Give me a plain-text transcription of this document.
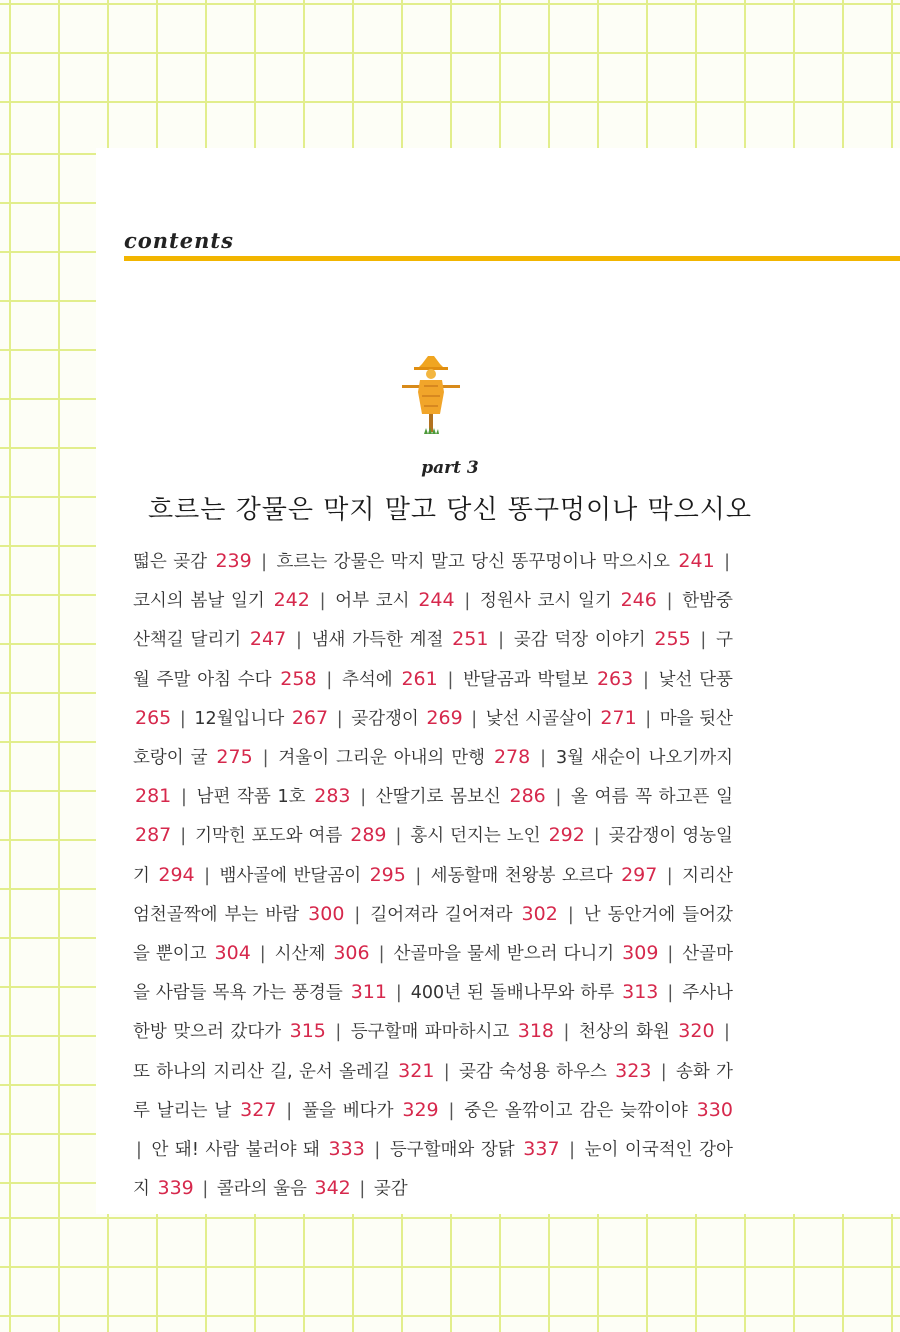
contents
part 3
흐르는 강물은 막지 말고 당신 똥구멍이나 막으시오
떫은 곶감 239 | 흐르는 강물은 막지 말고 당신 똥꾸멍이나 막으시오 241 | 코시의 봄날 일기 242 | 어부 코시 244 | 정원사 코시 일기 246 | 한밤중 산책길 달리기 247 | 냄새 가득한 계절 251 | 곶감 덕장 이야기 255 | 구월 주말 아침 수다 258 | 추석에 261 | 반달곰과 박털보 263 | 낯선 단풍 265 | 12월입니다 267 | 곶감쟁이 269 | 낯선 시골살이 271 | 마을 뒷산 호랑이 굴 275 | 겨울이 그리운 아내의 만행 278 | 3월 새순이 나오기까지 281 | 남편 작품 1호 283 | 산딸기로 몸보신 286 | 올 여름 꼭 하고픈 일 287 | 기막힌 포도와 여름 289 | 홍시 던지는 노인 292 | 곶감쟁이 영농일기 294 | 뱀사골에 반달곰이 295 | 세동할매 천왕봉 오르다 297 | 지리산 엄천골짝에 부는 바람 300 | 길어져라 길어져라 302 | 난 동안거에 들어갔을 뿐이고 304 | 시산제 306 | 산골마을 물세 받으러 다니기 309 | 산골마을 사람들 목욕 가는 풍경들 311 | 400년 된 돌배나무와 하루 313 | 주사나 한방 맞으러 갔다가 315 | 등구할매 파마하시고 318 | 천상의 화원 320 | 또 하나의 지리산 길, 운서 올레길 321 | 곶감 숙성용 하우스 323 | 송화 가루 날리는 날 327 | 풀을 베다가 329 | 중은 올깎이고 감은 늦깎이야 330 | 안 돼! 사람 불러야 돼 333 | 등구할매와 장닭 337 | 눈이 이국적인 강아지 339 | 콜라의 울음 342 | 곶감
